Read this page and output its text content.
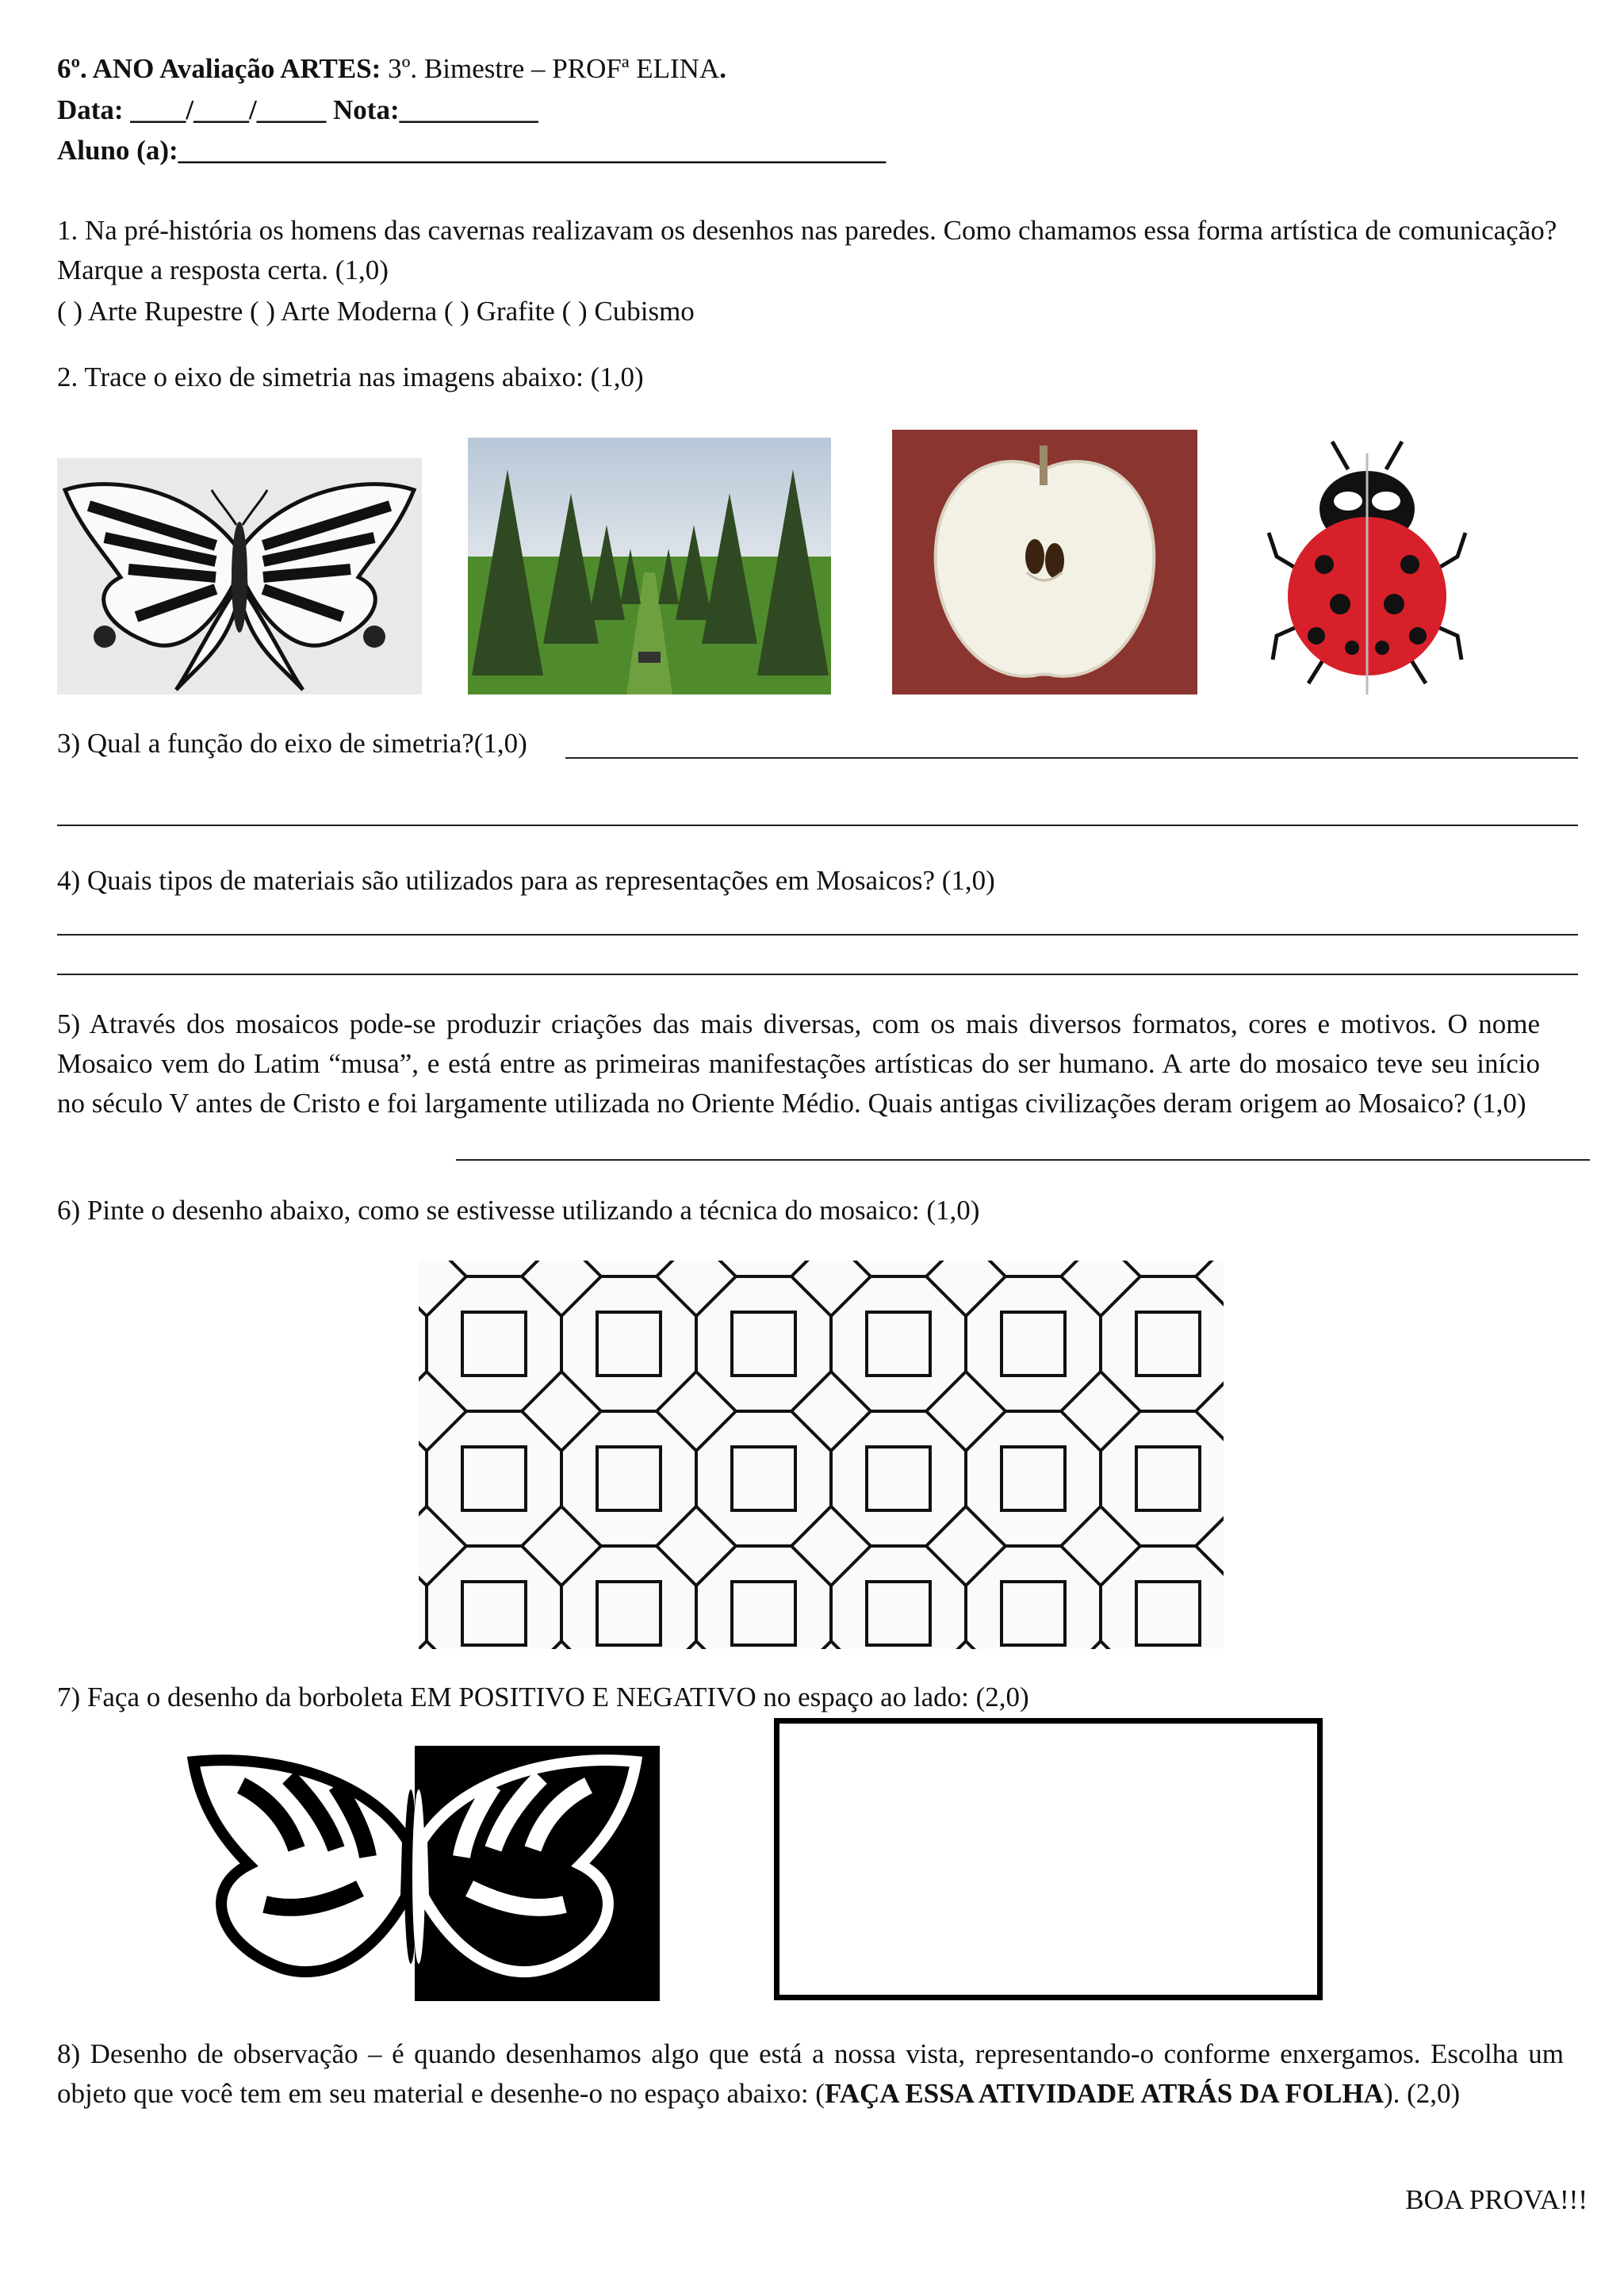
6º. ANO Avaliação ARTES: 3º. Bimestre – PROFª ELINA.
Data: ____/____/_____ Nota:__________
Aluno (a):___________________________________________________
1. Na pré-história os homens das cavernas realizavam os desenhos nas paredes. Como chamamos essa forma artística de comunicação? Marque a resposta certa. (1,0)
( ) Arte Rupestre ( ) Arte Moderna ( ) Grafite ( ) Cubismo
2. Trace o eixo de simetria nas imagens abaixo: (1,0)
3) Qual a função do eixo de simetria?(1,0)
4) Quais tipos de materiais são utilizados para as representações em Mosaicos? (1,0)
5) Através dos mosaicos pode-se produzir criações das mais diversas, com os mais diversos formatos, cores e motivos. O nome Mosaico vem do Latim “musa”, e está entre as primeiras manifestações artísticas do ser humano. A arte do mosaico teve seu início no século V antes de Cristo e foi largamente utilizada no Oriente Médio. Quais antigas civilizações deram origem ao Mosaico? (1,0)
6) Pinte o desenho abaixo, como se estivesse utilizando a técnica do mosaico: (1,0)
7) Faça o desenho da borboleta EM POSITIVO E NEGATIVO no espaço ao lado: (2,0)
8) Desenho de observação – é quando desenhamos algo que está a nossa vista, representando-o conforme enxergamos. Escolha um objeto que você tem em seu material e desenhe-o no espaço abaixo: (FAÇA ESSA ATIVIDADE ATRÁS DA FOLHA). (2,0)
BOA PROVA!!!
